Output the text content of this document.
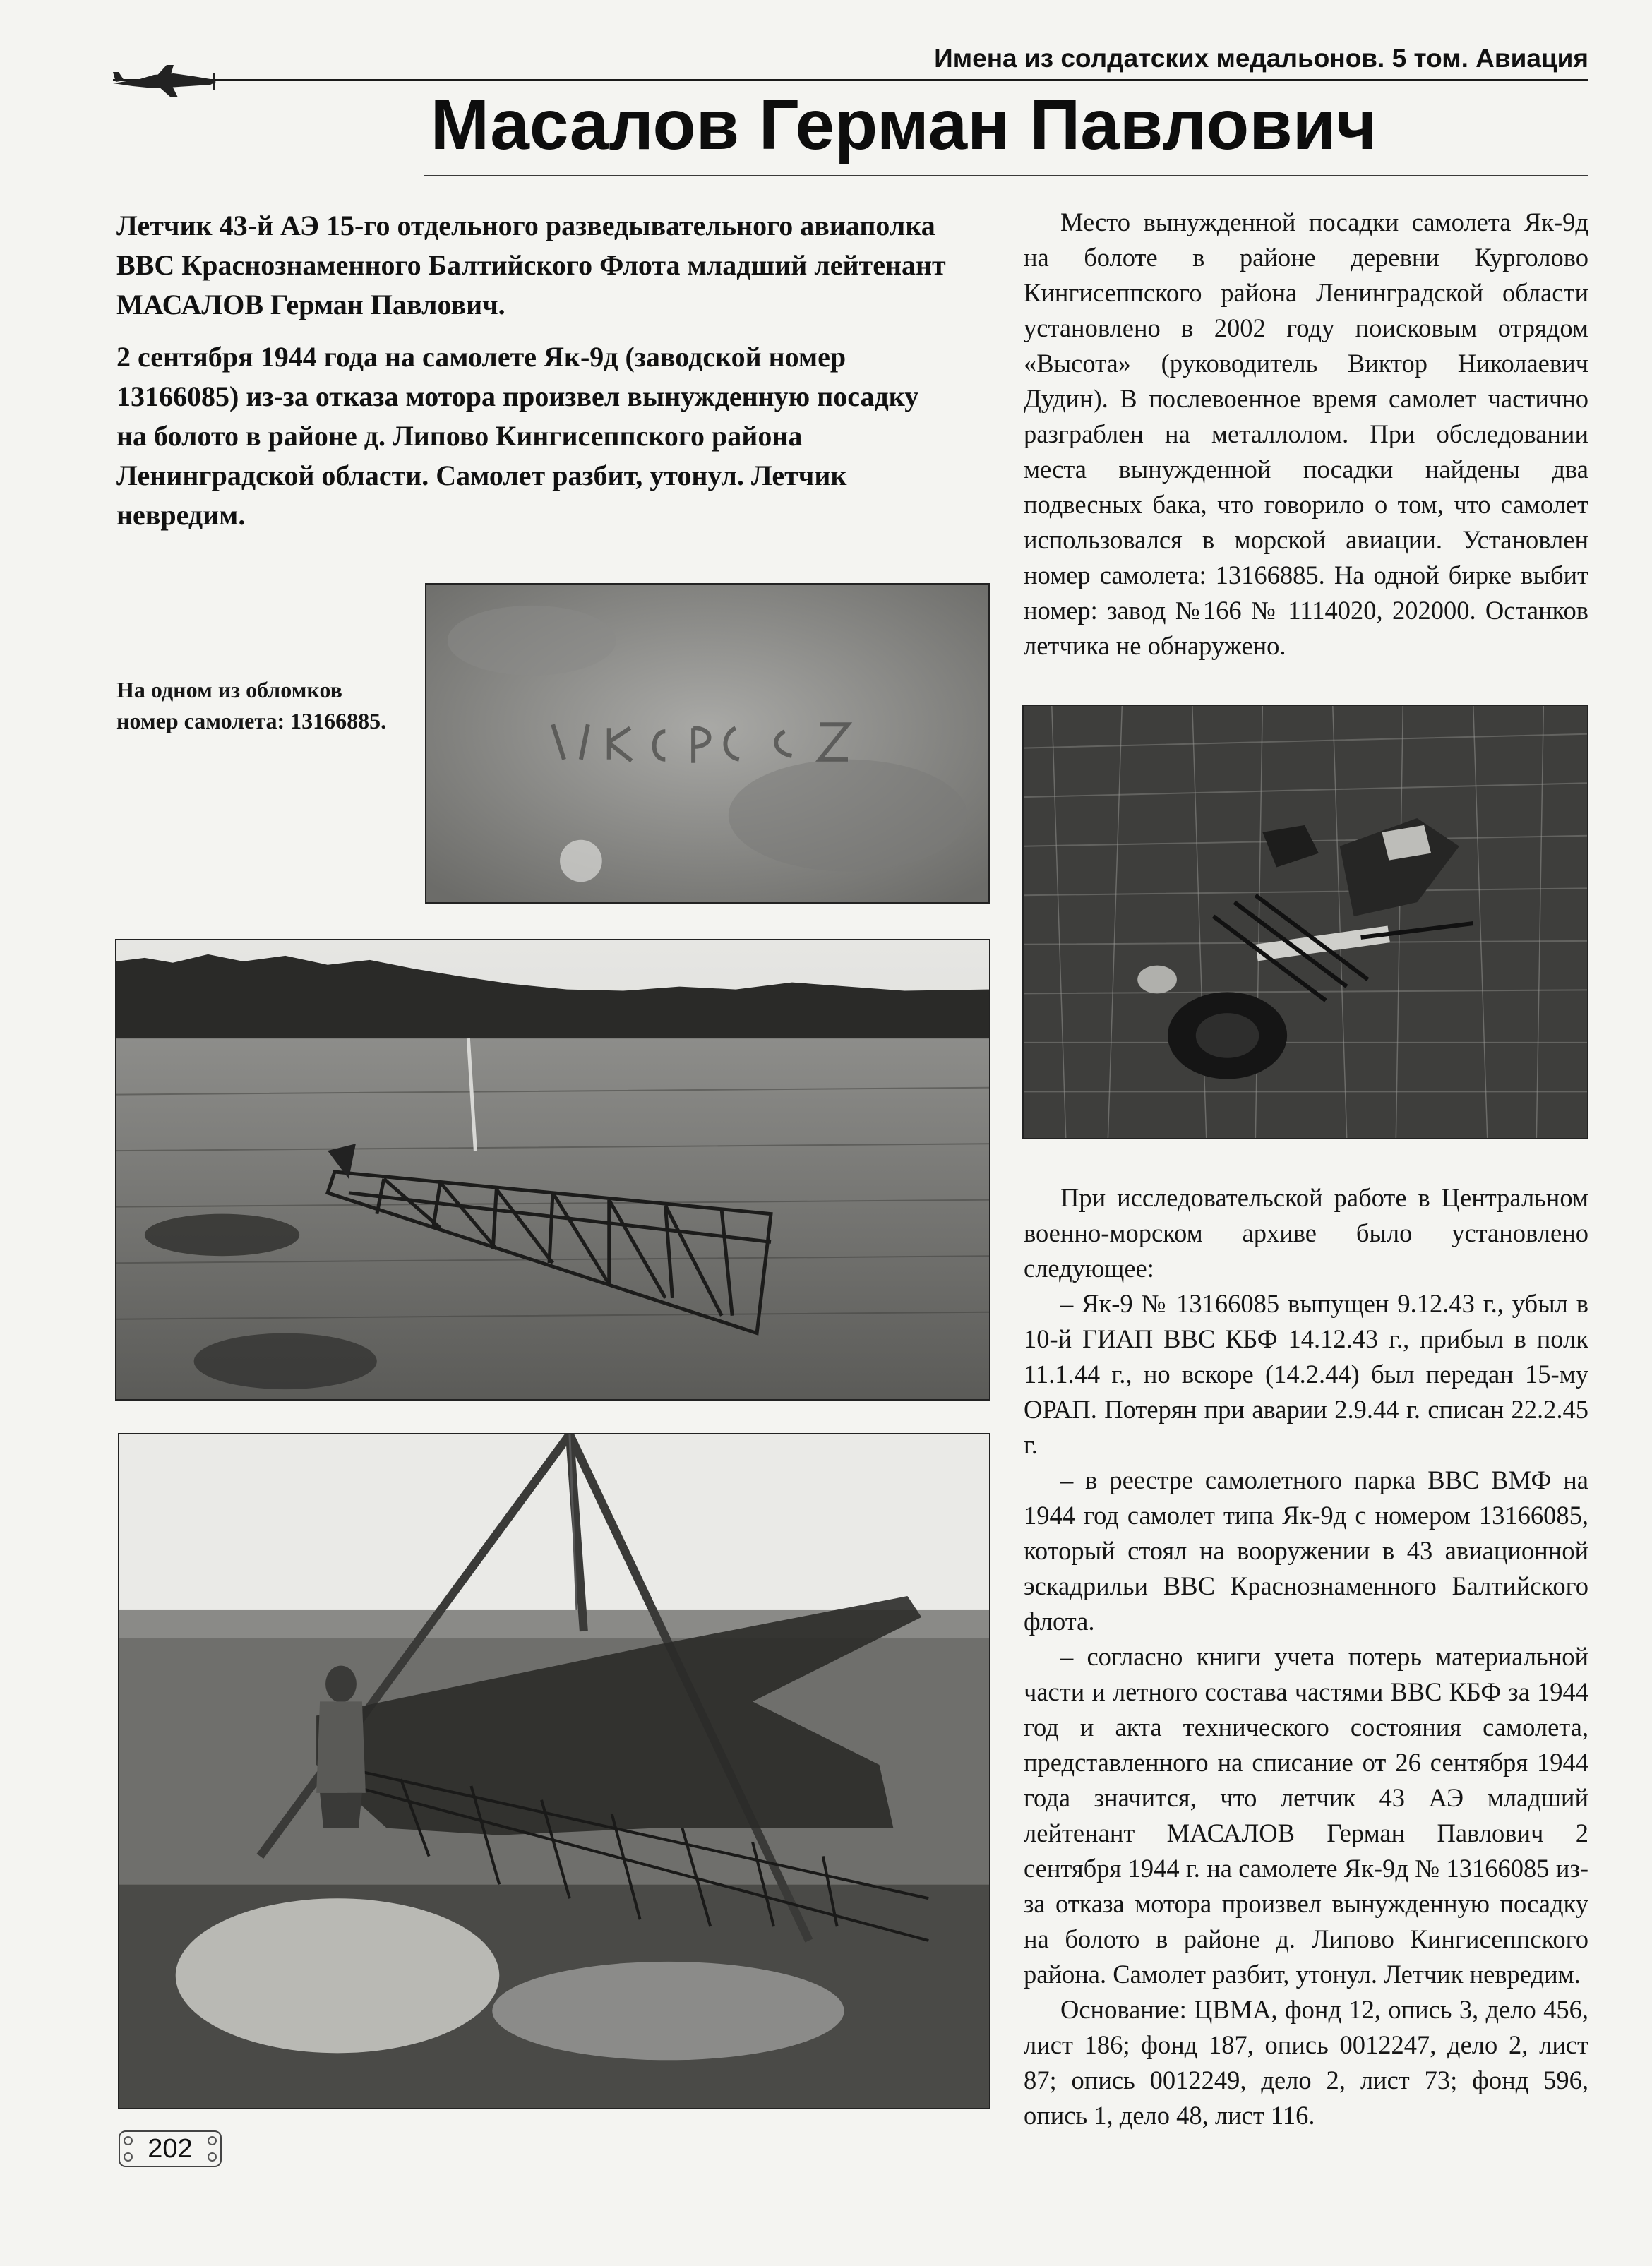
Имена из солдатских медальонов. 5 том. Авиация
Масалов Герман Павлович

Летчик 43-й АЭ 15-го отдельного разведывательного авиаполка ВВС Краснознаменного Балтийского Флота младший лейтенант МАСАЛОВ Герман Павлович.

2 сентября 1944 года на самолете Як-9д (заводской номер 13166085) из-за отказа мотора произвел вынужденную посадку на болото в районе д. Липово Кингисеппского района Ленинградской области. Самолет разбит, утонул. Летчик невредим.

На одном из обломков номер самолета: 13166885.

Место вынужденной посадки самолета Як-9д на болоте в районе деревни Курголово Кингисеппского района Ленинградской области установлено в 2002 году поисковым отрядом «Высота» (руководитель Виктор Николаевич Дудин). В послевоенное время самолет частично разграблен на металлолом. При обследовании места вынужденной посадки найдены два подвесных бака, что говорило о том, что самолет использовался в морской авиации. Установлен номер самолета: 13166885. На одной бирке выбит номер: завод №166 № 1114020, 202000. Останков летчика не обнаружено.

При исследовательской работе в Центральном военно-морском архиве было установлено следующее:

– Як-9 № 13166085 выпущен 9.12.43 г., убыл в 10-й ГИАП ВВС КБФ 14.12.43 г., прибыл в полк 11.1.44 г., но вскоре (14.2.44) был передан 15-му ОРАП. Потерян при аварии 2.9.44 г. списан 22.2.45 г.

– в реестре самолетного парка ВВС ВМФ на 1944 год самолет типа Як-9д с номером 13166085, который стоял на вооружении в 43 авиационной эскадрильи ВВС Краснознаменного Балтийского флота.

– согласно книги учета потерь материальной части и летного состава частями ВВС КБФ за 1944 год и акта технического состояния самолета, представленного на списание от 26 сентября 1944 года значится, что летчик 43 АЭ младший лейтенант МАСАЛОВ Герман Павлович 2 сентября 1944 г. на самолете Як-9д № 13166085 из-за отказа мотора произвел вынужденную посадку на болото в районе д. Липово Кингисеппского района. Самолет разбит, утонул. Летчик невредим.

Основание: ЦВМА, фонд 12, опись 3, дело 456, лист 186; фонд 187, опись 0012247, дело 2, лист 87; опись 0012249, дело 2, лист 73; фонд 596, опись 1, дело 48, лист 116.

202
